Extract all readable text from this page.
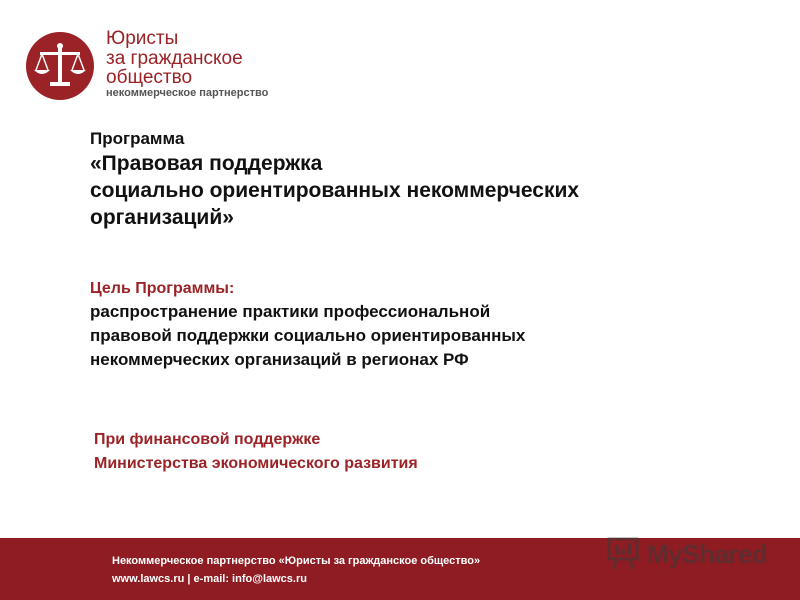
Юристы
за гражданское
общество
некоммерческое партнерство
Программа
«Правовая поддержка
социально ориентированных некоммерческих
организаций»
Цель Программы:
распространение практики профессиональной
правовой поддержки социально ориентированных
некоммерческих организаций в регионах РФ
При финансовой поддержке
Министерства экономического развития
Некоммерческое партнерство «Юристы за гражданское общество»
www.lawcs.ru | e-mail: info@lawcs.ru
MyShared
